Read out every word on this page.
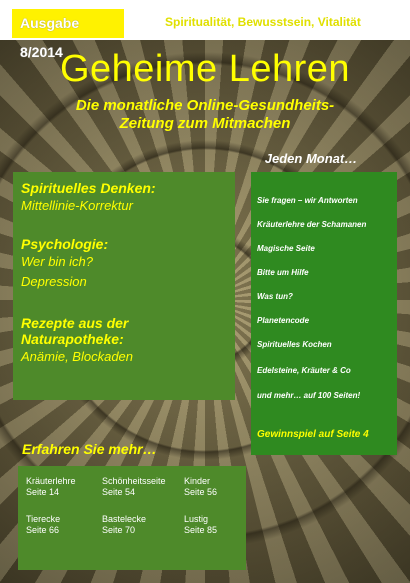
Ausgabe 8/2014
Spiritualität, Bewusstsein, Vitalität
Geheime Lehren
Die monatliche Online-Gesundheits-
Zeitung zum Mitmachen
Spirituelles Denken:
Mittellinie-Korrektur
Psychologie:
Wer bin ich?
Depression
Rezepte aus der
Naturapotheke:
Anämie, Blockaden
Jeden Monat…
Sie fragen – wir Antworten
Kräuterlehre der Schamanen
Magische Seite
Bitte um Hilfe
Was tun?
Planetencode
Spirituelles Kochen
Edelsteine, Kräuter & Co
und mehr… auf 100 Seiten!
Gewinnspiel auf Seite 4
Erfahren Sie mehr…
Kräuterlehre
Seite 14
Schönheitsseite
Seite 54
Kinder
Seite 56
Tierecke
Seite 66
Bastelecke
Seite 70
Lustig
Seite 85
